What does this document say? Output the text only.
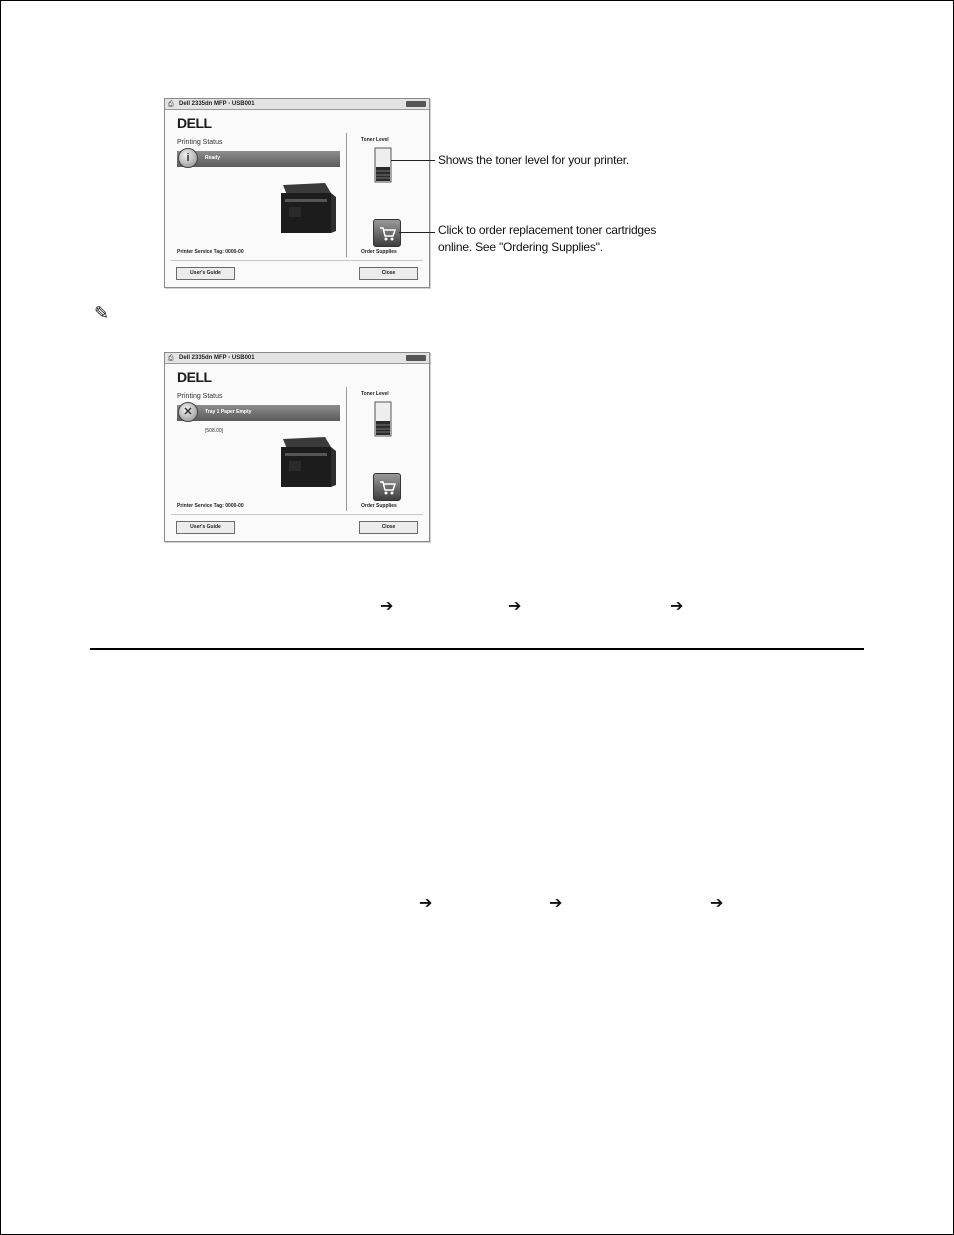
⎙ Dell 2335dn MFP - USB001
DELL
Printing Status
i	Ready
Printer Service Tag: 0000-00
Toner Level
Order Supplies
User's Guide	Close
Shows the toner level for your printer.
Click to order replacement toner cartridges
online. See "Ordering Supplies".
✎
⎙ Dell 2335dn MFP - USB001
DELL
Printing Status
✕	Tray 1 Paper Empty
[508.00]
Printer Service Tag: 0000-00
Toner Level
Order Supplies
User's Guide	Close
➔	➔	➔
➔	➔	➔
